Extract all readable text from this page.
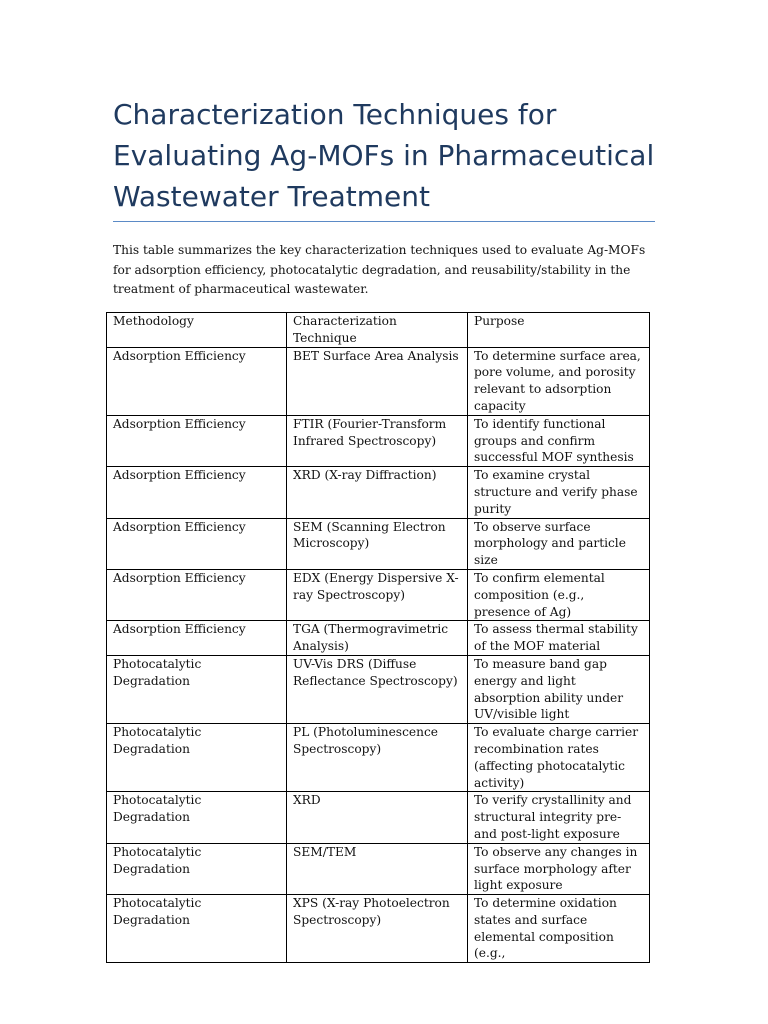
Characterization Techniques for Evaluating Ag-MOFs in Pharmaceutical Wastewater Treatment

This table summarizes the key characterization techniques used to evaluate Ag-MOFs for adsorption efficiency, photocatalytic degradation, and reusability/stability in the treatment of pharmaceutical wastewater.

Methodology	Characterization Technique	Purpose
Adsorption Efficiency	BET Surface Area Analysis	To determine surface area, pore volume, and porosity relevant to adsorption capacity
Adsorption Efficiency	FTIR (Fourier-Transform Infrared Spectroscopy)	To identify functional groups and confirm successful MOF synthesis
Adsorption Efficiency	XRD (X-ray Diffraction)	To examine crystal structure and verify phase purity
Adsorption Efficiency	SEM (Scanning Electron Microscopy)	To observe surface morphology and particle size
Adsorption Efficiency	EDX (Energy Dispersive X-ray Spectroscopy)	To confirm elemental composition (e.g., presence of Ag)
Adsorption Efficiency	TGA (Thermogravimetric Analysis)	To assess thermal stability of the MOF material
Photocatalytic Degradation	UV-Vis DRS (Diffuse Reflectance Spectroscopy)	To measure band gap energy and light absorption ability under UV/visible light
Photocatalytic Degradation	PL (Photoluminescence Spectroscopy)	To evaluate charge carrier recombination rates (affecting photocatalytic activity)
Photocatalytic Degradation	XRD	To verify crystallinity and structural integrity pre- and post-light exposure
Photocatalytic Degradation	SEM/TEM	To observe any changes in surface morphology after light exposure
Photocatalytic Degradation	XPS (X-ray Photoelectron Spectroscopy)	To determine oxidation states and surface elemental composition (e.g.,
